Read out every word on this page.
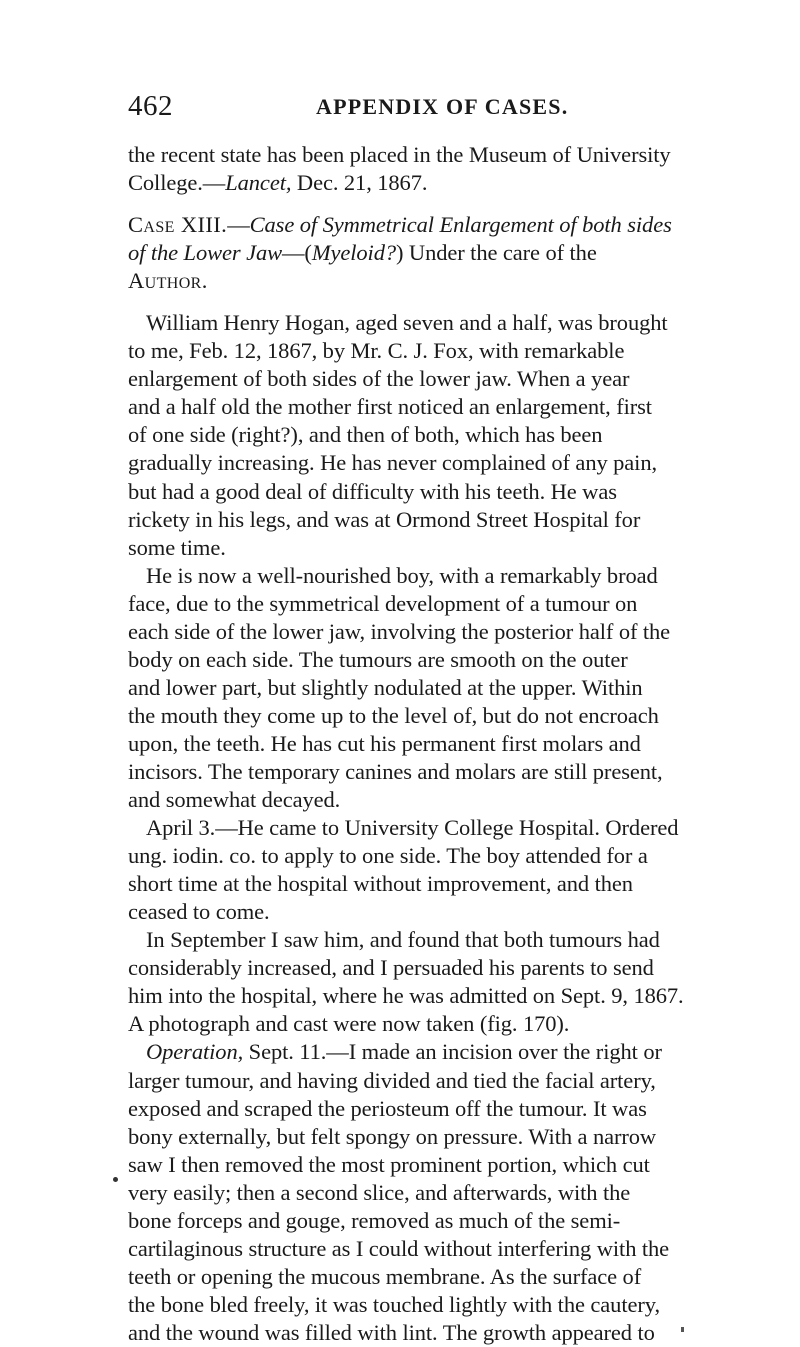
462	APPENDIX OF CASES.
the recent state has been placed in the Museum of University
College.—Lancet, Dec. 21, 1867.
Case XIII.—Case of Symmetrical Enlargement of both sides
of the Lower Jaw—(Myeloid?) Under the care of the
Author.
William Henry Hogan, aged seven and a half, was brought
to me, Feb. 12, 1867, by Mr. C. J. Fox, with remarkable
enlargement of both sides of the lower jaw. When a year
and a half old the mother first noticed an enlargement, first
of one side (right?), and then of both, which has been
gradually increasing. He has never complained of any pain,
but had a good deal of difficulty with his teeth. He was
rickety in his legs, and was at Ormond Street Hospital for
some time.
He is now a well-nourished boy, with a remarkably broad
face, due to the symmetrical development of a tumour on
each side of the lower jaw, involving the posterior half of the
body on each side. The tumours are smooth on the outer
and lower part, but slightly nodulated at the upper. Within
the mouth they come up to the level of, but do not encroach
upon, the teeth. He has cut his permanent first molars and
incisors. The temporary canines and molars are still present,
and somewhat decayed.
April 3.—He came to University College Hospital. Ordered
ung. iodin. co. to apply to one side. The boy attended for a
short time at the hospital without improvement, and then
ceased to come.
In September I saw him, and found that both tumours had
considerably increased, and I persuaded his parents to send
him into the hospital, where he was admitted on Sept. 9, 1867.
A photograph and cast were now taken (fig. 170).
Operation, Sept. 11.—I made an incision over the right or
larger tumour, and having divided and tied the facial artery,
exposed and scraped the periosteum off the tumour. It was
bony externally, but felt spongy on pressure. With a narrow
saw I then removed the most prominent portion, which cut
very easily; then a second slice, and afterwards, with the
bone forceps and gouge, removed as much of the semi-
cartilaginous structure as I could without interfering with the
teeth or opening the mucous membrane. As the surface of
the bone bled freely, it was touched lightly with the cautery,
and the wound was filled with lint. The growth appeared to
